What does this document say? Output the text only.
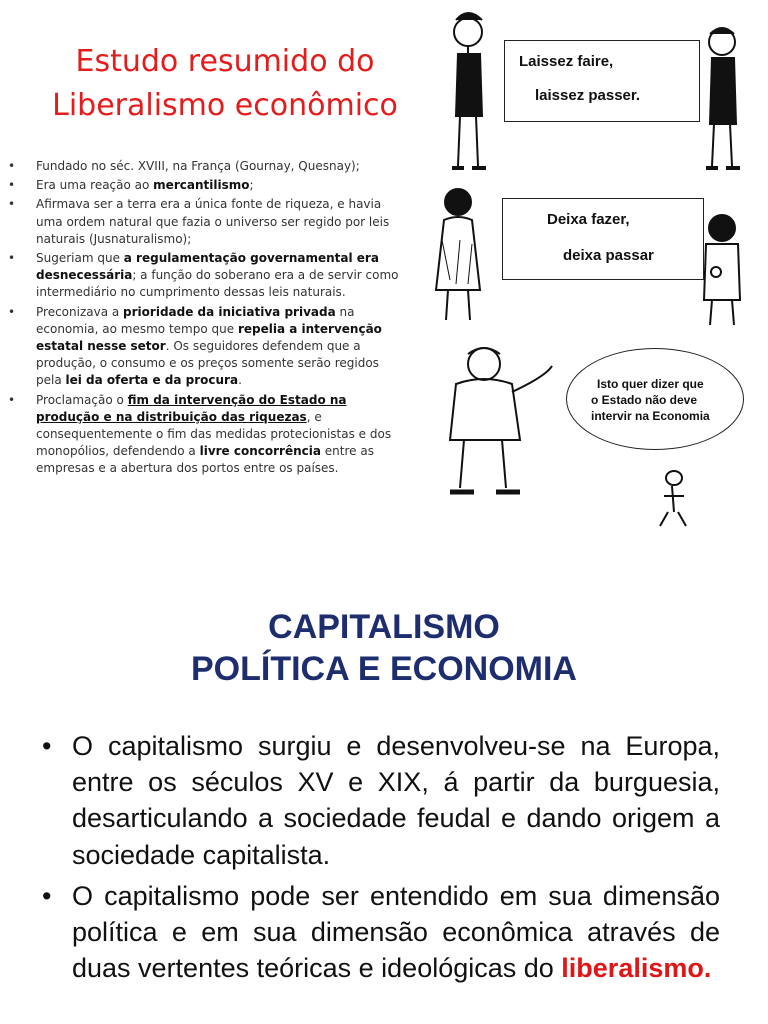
Estudo resumido do
Liberalismo econômico
• Fundado no séc. XVIII, na França (Gournay, Quesnay);
• Era uma reação ao mercantilismo;
• Afirmava ser a terra era a única fonte de riqueza, e havia uma ordem natural que fazia o universo ser regido por leis naturais (Jusnaturalismo);
• Sugeriam que a regulamentação governamental era desnecessária; a função do soberano era a de servir como intermediário no cumprimento dessas leis naturais.
• Preconizava a prioridade da iniciativa privada na economia, ao mesmo tempo que repelia a intervenção estatal nesse setor. Os seguidores defendem que a produção, o consumo e os preços somente serão regidos pela lei da oferta e da procura.
• Proclamação o fim da intervenção do Estado na produção e na distribuição das riquezas, e consequentemente o fim das medidas protecionistas e dos monopólios, defendendo a livre concorrência entre as empresas e a abertura dos portos entre os países.
Laissez faire,
laissez passer.
Deixa fazer,
deixa passar
Isto quer dizer que
o Estado não deve
intervir na Economia
CAPITALISMO
POLÍTICA E ECONOMIA
• O capitalismo surgiu e desenvolveu-se na Europa, entre os séculos XV e XIX, á partir da burguesia, desarticulando a sociedade feudal e dando origem a sociedade capitalista.
• O capitalismo pode ser entendido em sua dimensão política e em sua dimensão econômica através de duas vertentes teóricas e ideológicas do liberalismo.
